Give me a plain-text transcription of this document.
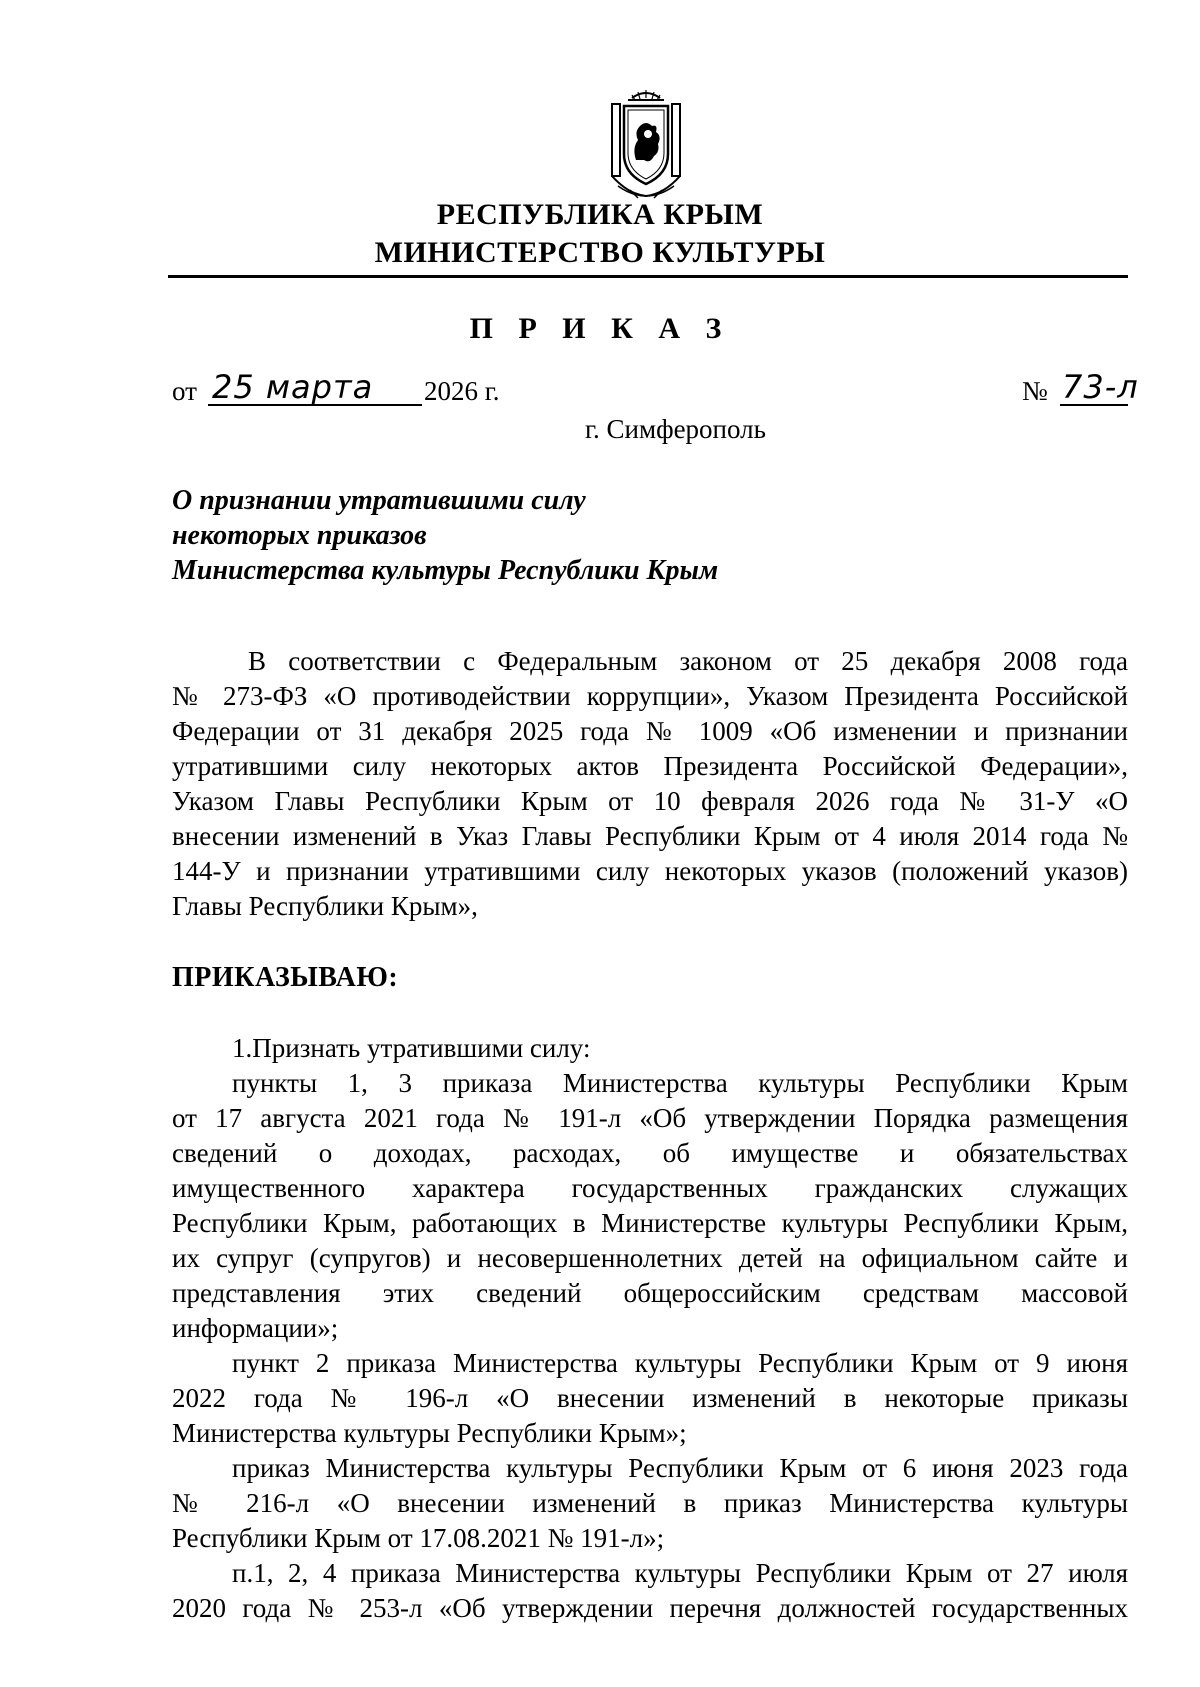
РЕСПУБЛИКА КРЫМ
МИНИСТЕРСТВО КУЛЬТУРЫ
П Р И К А З
от 25 марта 2026 г.	№ 73-л
г. Симферополь
О признании утратившими силу
некоторых приказов
Министерства культуры Республики Крым
В соответствии с Федеральным законом от 25 декабря 2008 года
№ 273-ФЗ «О противодействии коррупции», Указом Президента Российской
Федерации от 31 декабря 2025 года № 1009 «Об изменении и признании
утратившими силу некоторых актов Президента Российской Федерации»,
Указом Главы Республики Крым от 10 февраля 2026 года № 31-У «О
внесении изменений в Указ Главы Республики Крым от 4 июля 2014 года №
144-У и признании утратившими силу некоторых указов (положений указов)
Главы Республики Крым»,
ПРИКАЗЫВАЮ:
1.Признать утратившими силу:
пункты 1, 3 приказа Министерства культуры Республики Крым
от 17 августа 2021 года № 191-л «Об утверждении Порядка размещения
сведений о доходах, расходах, об имуществе и обязательствах
имущественного характера государственных гражданских служащих
Республики Крым, работающих в Министерстве культуры Республики Крым,
их супруг (супругов) и несовершеннолетних детей на официальном сайте и
представления этих сведений общероссийским средствам массовой
информации»;
пункт 2 приказа Министерства культуры Республики Крым от 9 июня
2022 года № 196-л «О внесении изменений в некоторые приказы
Министерства культуры Республики Крым»;
приказ Министерства культуры Республики Крым от 6 июня 2023 года
№ 216-л «О внесении изменений в приказ Министерства культуры
Республики Крым от 17.08.2021 № 191-л»;
п.1, 2, 4 приказа Министерства культуры Республики Крым от 27 июля
2020 года № 253-л «Об утверждении перечня должностей государственных
